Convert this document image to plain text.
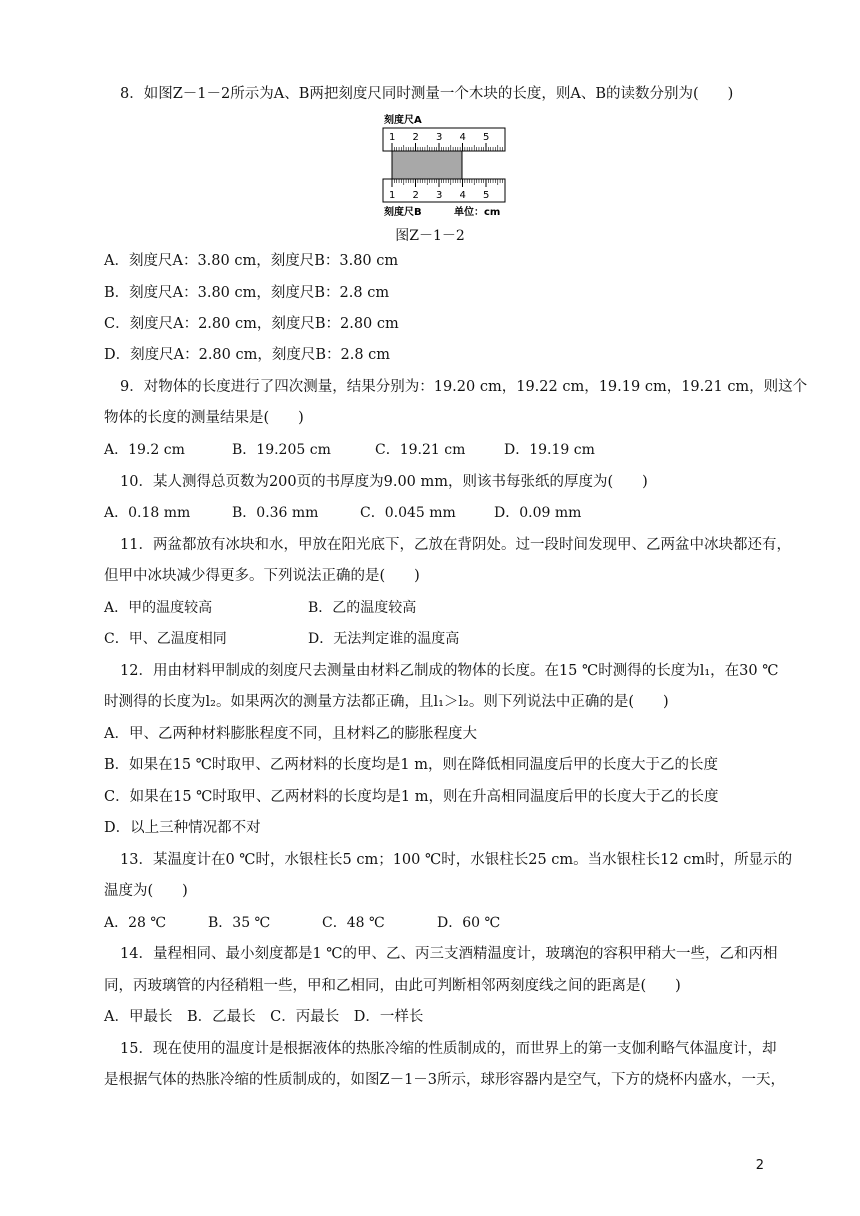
8．如图Z－1－2所示为A、B两把刻度尺同时测量一个木块的长度，则A、B的读数分别为(　　)
刻度尺A
1 2 3 4 5
1 2 3 4 5
刻度尺B	单位：cm
图Z－1－2
A．刻度尺A：3.80 cm，刻度尺B：3.80 cm
B．刻度尺A：3.80 cm，刻度尺B：2.8 cm
C．刻度尺A：2.80 cm，刻度尺B：2.80 cm
D．刻度尺A：2.80 cm，刻度尺B：2.8 cm
9．对物体的长度进行了四次测量，结果分别为：19.20 cm，19.22 cm，19.19 cm，19.21 cm，则这个
物体的长度的测量结果是(　　)
A．19.2 cm	B．19.205 cm	C．19.21 cm	D．19.19 cm
10．某人测得总页数为200页的书厚度为9.00 mm，则该书每张纸的厚度为(　　)
A．0.18 mm	B．0.36 mm	C．0.045 mm	D．0.09 mm
11．两盆都放有冰块和水，甲放在阳光底下，乙放在背阴处。过一段时间发现甲、乙两盆中冰块都还有，
但甲中冰块减少得更多。下列说法正确的是(　　)
A．甲的温度较高	B．乙的温度较高
C．甲、乙温度相同	D．无法判定谁的温度高
12．用由材料甲制成的刻度尺去测量由材料乙制成的物体的长度。在15 ℃时测得的长度为l₁，在30 ℃
时测得的长度为l₂。如果两次的测量方法都正确，且l₁＞l₂。则下列说法中正确的是(　　)
A．甲、乙两种材料膨胀程度不同，且材料乙的膨胀程度大
B．如果在15 ℃时取甲、乙两材料的长度均是1 m，则在降低相同温度后甲的长度大于乙的长度
C．如果在15 ℃时取甲、乙两材料的长度均是1 m，则在升高相同温度后甲的长度大于乙的长度
D．以上三种情况都不对
13．某温度计在0 ℃时，水银柱长5 cm；100 ℃时，水银柱长25 cm。当水银柱长12 cm时，所显示的
温度为(　　)
A．28 ℃	B．35 ℃	C．48 ℃	D．60 ℃
14．量程相同、最小刻度都是1 ℃的甲、乙、丙三支酒精温度计，玻璃泡的容积甲稍大一些，乙和丙相
同，丙玻璃管的内径稍粗一些，甲和乙相同，由此可判断相邻两刻度线之间的距离是(　　)
A．甲最长　B．乙最长　C．丙最长　D．一样长
15．现在使用的温度计是根据液体的热胀冷缩的性质制成的，而世界上的第一支伽利略气体温度计，却
是根据气体的热胀冷缩的性质制成的，如图Z－1－3所示，球形容器内是空气，下方的烧杯内盛水，一天，
2
